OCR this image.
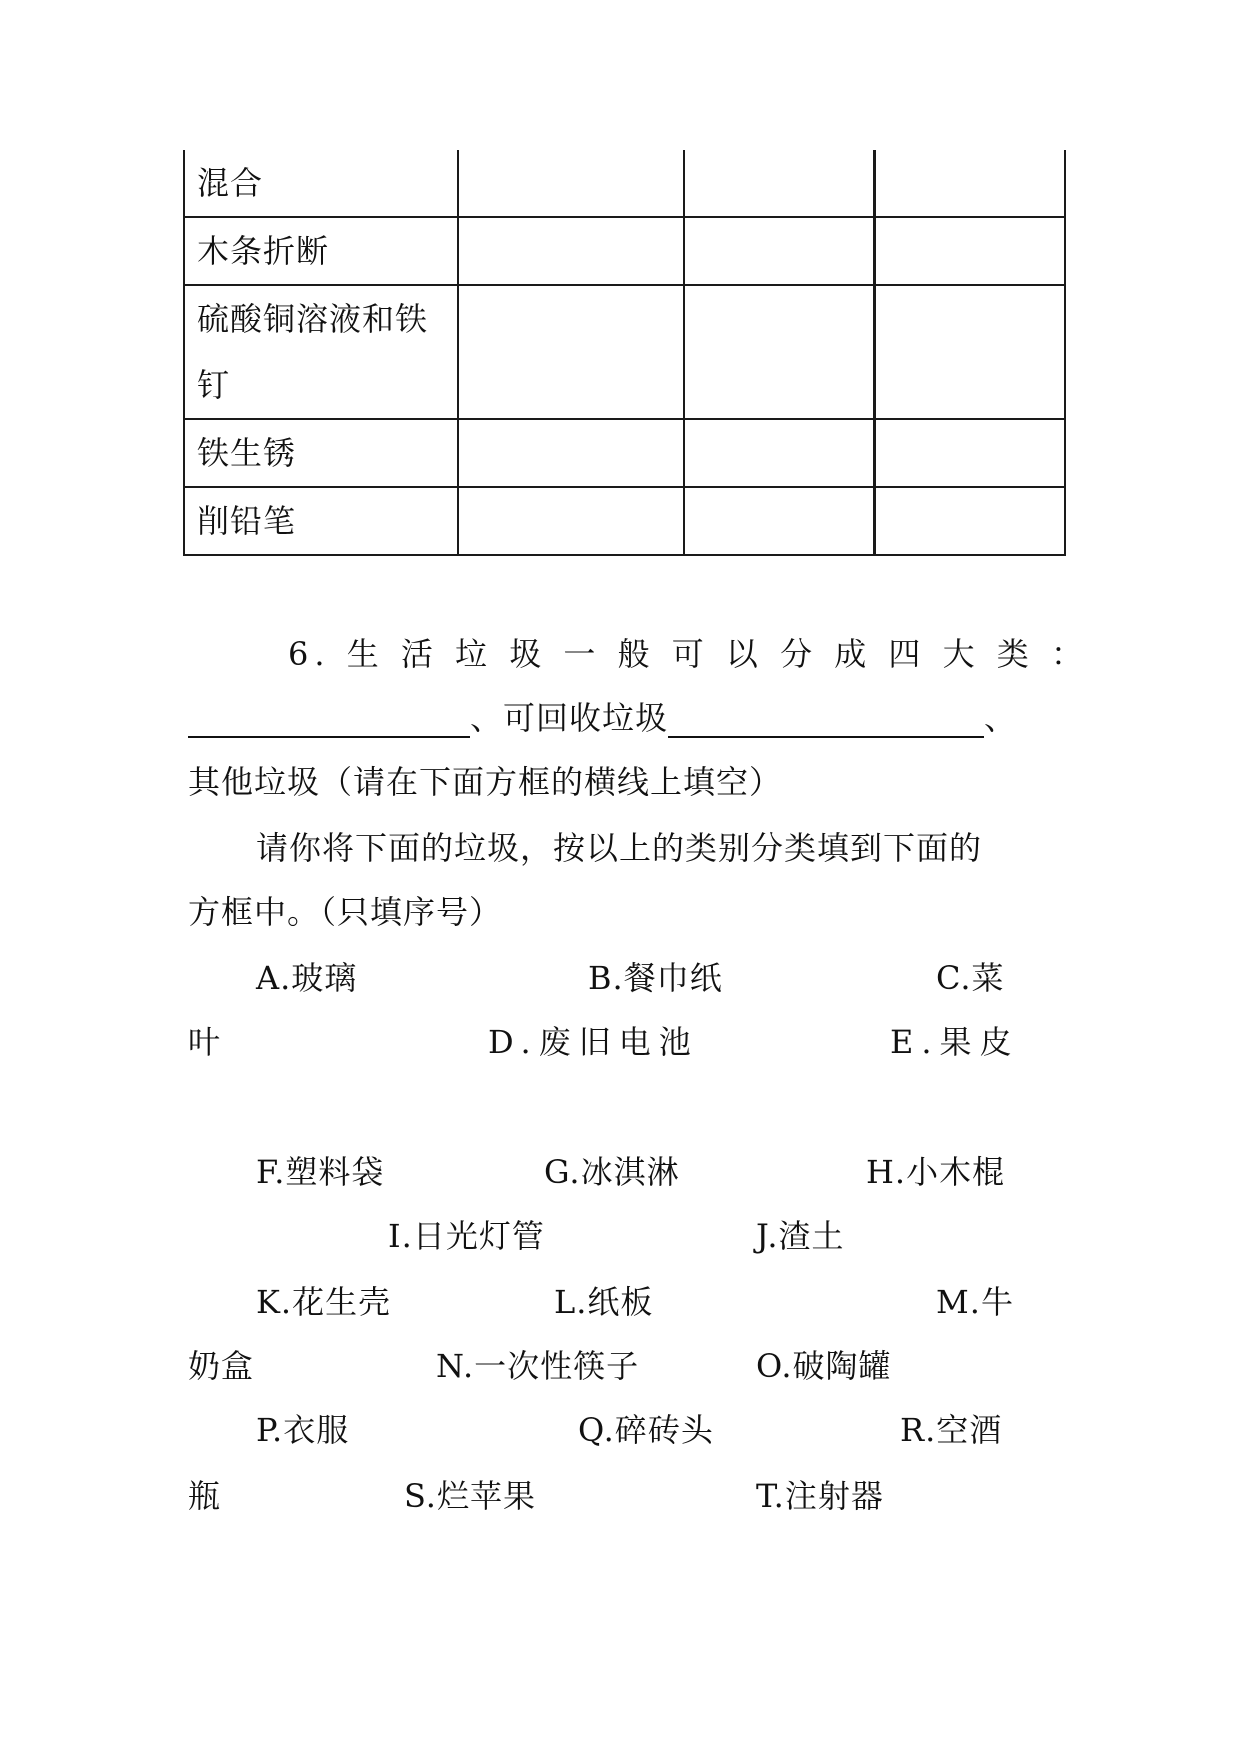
混合			
木条折断			

硫酸铜溶液和铁
钉			

铁生锈			
削铅笔			
6. 生 活 垃 圾 一 般 可 以 分 成 四 大 类 ：
、可回收垃圾	、
其他垃圾（请在下面方框的横线上填空）
请你将下面的垃圾，按以上的类别分类填到下面的
方框中。（只填序号）
A.玻璃	B.餐巾纸	C.菜
叶	D.废旧电池	E.果皮
F.塑料袋	G.冰淇淋	H.小木棍
I.日光灯管	J.渣土
K.花生壳	L.纸板	M.牛
奶盒	N.一次性筷子	O.破陶罐
P.衣服	Q.碎砖头	R.空酒
瓶	S.烂苹果	T.注射器
